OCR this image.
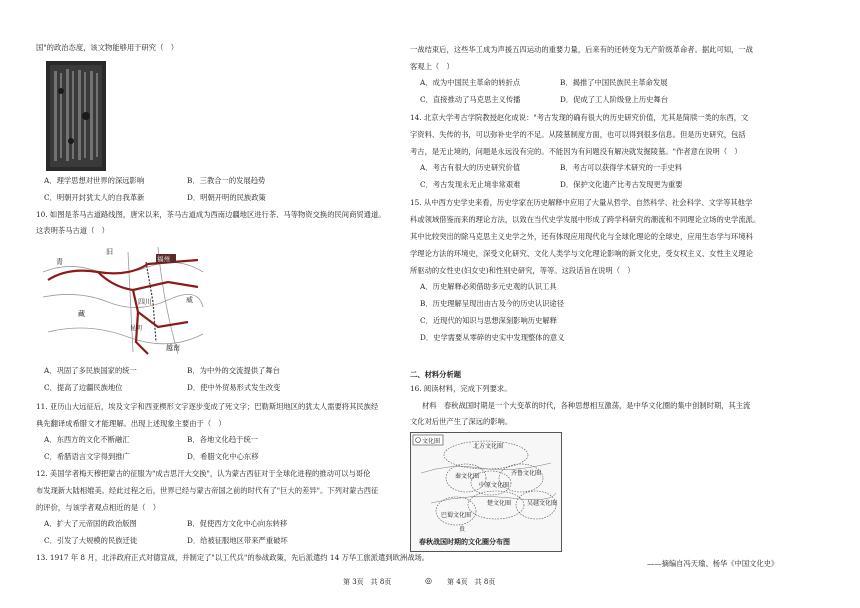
国"的政治态度，该文物能够用于研究（　）
A．理学思想对世界的深远影响	B．三教合一的发展趋势
C．明朝开封犹太人的自我革新	D．明朝开明的民族政策
10. 如图是茶马古道路线图，唐宋以来，茶马古道成为西南边疆地区进行茶、马等物资交换的民间商贸通道。
这表明茶马古道（　）
福州
青
旧
藏
四川	威
昆明
越南
A．巩固了多民族国家的统一	B．为中外的交流提供了舞台
C．提高了边疆民族地位	D．使中外贸易形式发生改变
11. 亚历山大远征后，埃及文字和西亚楔形文字逐步变成了死文字；巴勒斯坦地区的犹太人需要将其民族经
典先翻译成希腊文才能理解。出现上述现象主要由于（　）
A．东西方的文化不断融汇	B．各地文化趋于统一
C．希腊语言文字得到推广	D．希腊文化中心东移
12. 美国学者梅天穆把蒙古的征服为"成吉思汗大交换"，认为蒙古西征对于全球化进程的推动可以与哥伦
布发现新大陆相媲美。经此过程之后，世界已经与蒙古帝国之前的时代有了"巨大的差异"。下列对蒙古西征
的评价，与该学者观点相近的是（　）
A．扩大了元帝国的政治版图	B．促使西方文化中心向东转移
C．引发了大规模的民族迁徙	D．给被征服地区带来严重破坏
13. 1917 年 8 月，北洋政府正式对德宣战，并制定了"以工代兵"的参战政策，先后派遣约 14 万华工旅派遣到欧洲战场。
第 3页　共 8页	◎
一战结束后，这些华工成为声援五四运动的重要力量，后来有的还转变为无产阶级革命者。据此可知，一战
客观上（　）
A．成为中国民主革命的转折点	B．揭推了中国民族民主革命发展
C．直接推动了马克思主义传播	D．促成了工人阶级登上历史舞台
14. 北京大学考古学院教授赵化成说："考古发现的确有很大的历史研究价值，尤其是简牍一类的东西，文
字资料、失传的书，可以弥补史学的不足。从陵墓制度方面，也可以得到很多信息。但是历史研究，包括
考古，是无止境的，问题是永远没有完的。不能因为有问题没有解决就发掘陵墓。"作者意在说明（　）
A．考古有很大的历史研究价值	B．考古可以获得学术研究的一手史料
C．考古发现永无止境非常艰难	D．保护文化遗产比考古发现更为重要
15. 从中西方史学史来看，历史学家在历史解释中应用了大量从哲学、自然科学、社会科学、文学等其他学
科或领域借鉴而来的理论方法，以致在当代史学发展中形成了跨学科研究的潮流和不同理论立场的史学流派。
其中比较突出的除马克思主义史学之外，还有体现应用现代化与全球化理论的全球史，应用生态学与环境科
学理论方法的环境史，深受文化研究、文化人类学与文化理论影响的新文化史，受女权主义、女性主义理论
所驱动的女性史(妇女史)和性别史研究，等等。这段话旨在说明（　）
A．历史解释必须借助多元史观的认识工具
B．历史理解呈现出由古及今的历史认识途径
C．近现代的知识与思想深刻影响历史解释
D．史学需要从零碎的史实中发现整体的意义
二、材料分析题
16. 阅读材料，完成下列要求。
材料　春秋战国时期是一个大变革的时代，各种思想相互激荡，是中华文化圈的集中创制时期，其主流
文化对后世产生了深远的影响。
文化圈
北方文化圈
秦文化圈
中原文化圈
齐鲁文化圈
楚文化圈
巴蜀文化圈
吴越文化圈
贵
春秋战国时期的文化圈分布图
——摘编自冯天瑜、杨华《中国文化史》
第 4页　共 8页
